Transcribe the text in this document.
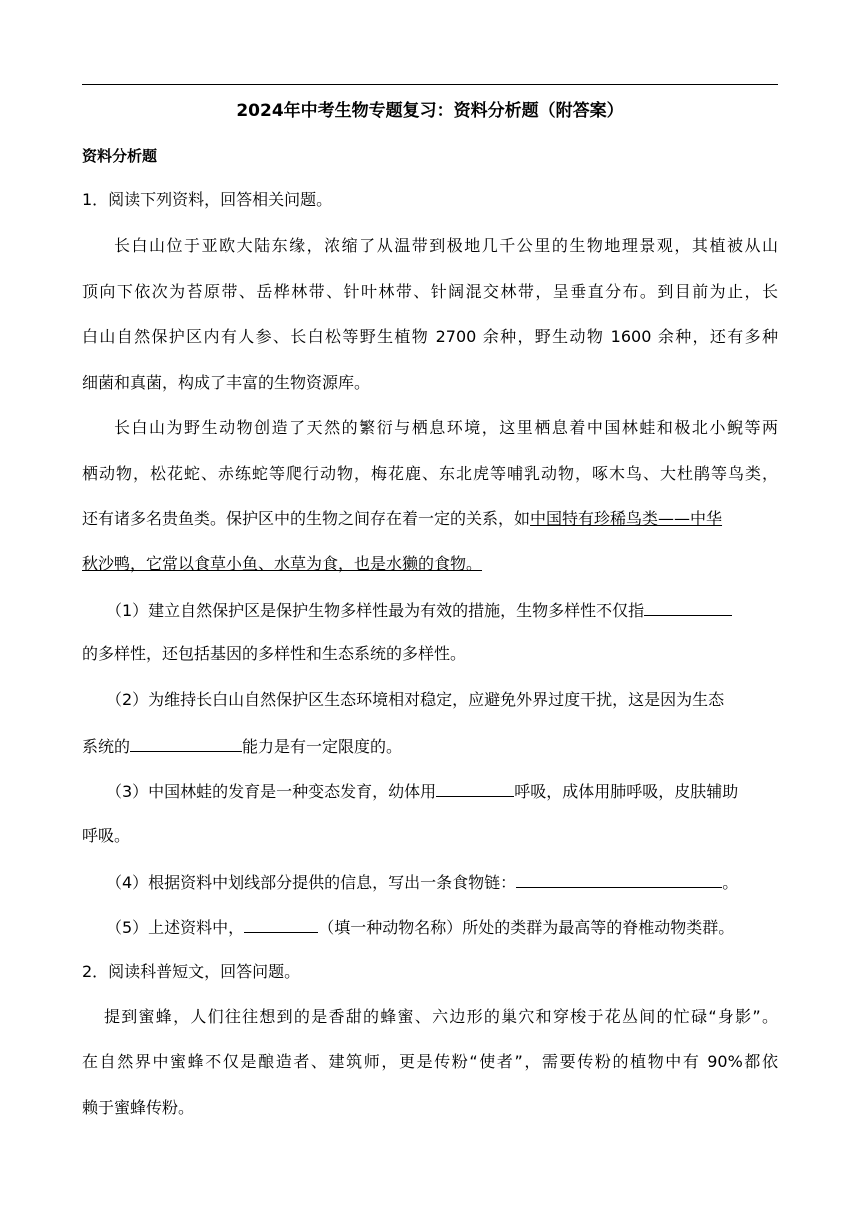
2024年中考生物专题复习：资料分析题（附答案）
资料分析题
1．阅读下列资料，回答相关问题。
长白山位于亚欧大陆东缘，浓缩了从温带到极地几千公里的生物地理景观，其植被从山
顶向下依次为苔原带、岳桦林带、针叶林带、针阔混交林带，呈垂直分布。到目前为止，长
白山自然保护区内有人参、长白松等野生植物 2700 余种，野生动物 1600 余种，还有多种
细菌和真菌，构成了丰富的生物资源库。
长白山为野生动物创造了天然的繁衍与栖息环境，这里栖息着中国林蛙和极北小鲵等两
栖动物，松花蛇、赤练蛇等爬行动物，梅花鹿、东北虎等哺乳动物，啄木鸟、大杜鹃等鸟类，
还有诸多名贵鱼类。保护区中的生物之间存在着一定的关系，如中国特有珍稀鸟类——中华
秋沙鸭，它常以食草小鱼、水草为食，也是水獭的食物。
（1）建立自然保护区是保护生物多样性最为有效的措施，生物多样性不仅指
的多样性，还包括基因的多样性和生态系统的多样性。
（2）为维持长白山自然保护区生态环境相对稳定，应避免外界过度干扰，这是因为生态
系统的	能力是有一定限度的。
（3）中国林蛙的发育是一种变态发育，幼体用	呼吸，成体用肺呼吸，皮肤辅助
呼吸。
（4）根据资料中划线部分提供的信息，写出一条食物链：	。
（5）上述资料中，	（填一种动物名称）所处的类群为最高等的脊椎动物类群。
2．阅读科普短文，回答问题。
提到蜜蜂，人们往往想到的是香甜的蜂蜜、六边形的巢穴和穿梭于花丛间的忙碌“身影”。
在自然界中蜜蜂不仅是酿造者、建筑师，更是传粉“使者”，需要传粉的植物中有 90%都依
赖于蜜蜂传粉。
